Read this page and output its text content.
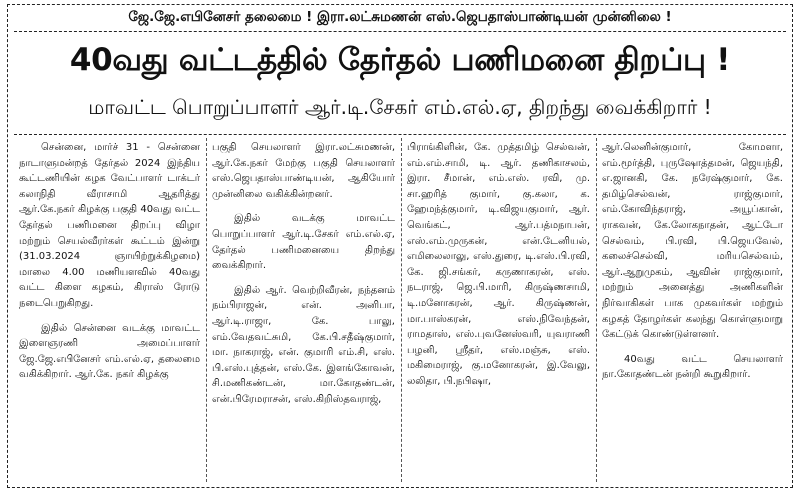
ஜே.ஜே.எபினேசர் தலைமை ! இரா.லட்சுமணன் எஸ்.ஜெபதாஸ்பாண்டியன் முன்னிலை !
40வது வட்டத்தில் தேர்தல் பணிமனை திறப்பு !
மாவட்ட பொறுப்பாளர் ஆர்.டி.சேகர் எம்.எல்.ஏ, திறந்து வைக்கிறார் !

சென்னை, மார்ச் 31 - சென்னை நாடாளுமன்றத் தேர்தல் 2024 இந்திய கூட்டணியின் கழக வேட்பாளர் டாக்டர் கலாநிதி வீராசாமி ஆதரித்து ஆர்.கே.நகர் கிழக்கு பகுதி 40வது வட்ட தேர்தல் பணிமனை திறப்பு விழா மற்றும் செயல்வீரர்கள் கூட்டம் இன்று (31.03.2024 ஞாயிற்றுக்கிழமை) மாலை 4.00 மணியளவில் 40வது வட்ட கிளை கழகம், கிராஸ் ரோடு நடைபெறுகிறது.

இதில் சென்னை வடக்கு மாவட்ட இளைஞரணி அமைப்பாளர் ஜே.ஜே.எபினேசர் எம்.எல்.ஏ, தலைமை வகிக்கிறார். ஆர்.கே. நகர் கிழக்கு

பகுதி செயலாளர் இரா.லட்சுமணன், ஆர்.கே.நகர் மேற்கு பகுதி செயலாளர் எஸ்.ஜெபதாஸ்பாண்டியன், ஆகியோர் முன்னிலை வகிக்கின்றனர்.

இதில் வடக்கு மாவட்ட பொறுப்பாளர் ஆர்.டி.சேகர் எம்.எல்.ஏ, தேர்தல் பணிமனையை திறந்து வைக்கிறார்.

இதில் ஆர். வெற்றிவீரன், நந்தனம் நம்பிராஜன், என். அனிபா, ஆர்.டி.ராஜா, கே. பாலு, எம்.வேதவட்சுமி, கே.பி.சதீஷ்குமார், மா. நாகராஜ், என். குமாரி எம்.சி, எஸ். பி.எஸ்.புத்தன், எஸ்.கே. இளங்கோவன், சி.மணிகண்டன், மா.கோதண்டன், என்.பிரேமராசன், எஸ்.கிறிஸ்தவராஜ்,

பிராங்கிளின், கே. முத்தமிழ் செல்வன், எம்.எம்.சாமி, டி. ஆர். தணிகாசலம், இரா. சீமான், எம்.எஸ். ரவி, மு. சா.ஹரித் குமார், கு.கலா, க. ஹேமந்த்குமார், டி.விஜயகுமார், ஆர். வெங்கட், ஆர்.பத்மநாபன், எஸ்.எம்.முருகன், என்.டேனியல், எமிலைலாலு, எஸ்.துரை, டி.எஸ்.பி.ரவி, கே. ஜி.சங்கர், கருணாகரன், எஸ். நடராஜ், ஜெ.பி.மாரி, கிருஷ்ணசாமி, டி.மனோகரன், ஆர். கிருஷ்ணன், மா.பாஸ்கரன், எஸ்.நிவேந்தன், ராமதாஸ், எஸ்.புவனேஸ்வரி, யுவராணி பழனி, ஸ்ரீதர், எஸ்.மஞ்சு, எஸ். மகிமைராஜ், கு.மனோகரன், இ.வேலு, லலிதா, பி.நபிஷா,

ஆர்.லெனின்குமார், கோமளா, எம்.மூர்த்தி, புருஷோத்தமன், ஜெயந்தி, எ.ஜானகி, கே. நரேஷ்குமார், கே. தமிழ்செல்வன், ராஜ்குமார், எம்.கோவிந்தராஜ், அயூப்கான், ராகவன், கே.லோகநாதன், ஆட்டோ செல்வம், பி.ரவி, பி.ஜெயவேல், கலைச்செல்வி, மரியசெல்வம், ஆர்.ஆறுமுகம், ஆவின் ராஜ்குமார், மற்றும் அனைத்து அணிகளின் நிர்வாகிகள் பாக முகவர்கள் மற்றும் கழகத் தோழர்கள் கலந்து கொள்ளுமாறு கேட்டுக் கொண்டுள்ளனர்.

40வது வட்ட செயலாளர் நா.கோதண்டன் நன்றி கூறுகிறார்.
